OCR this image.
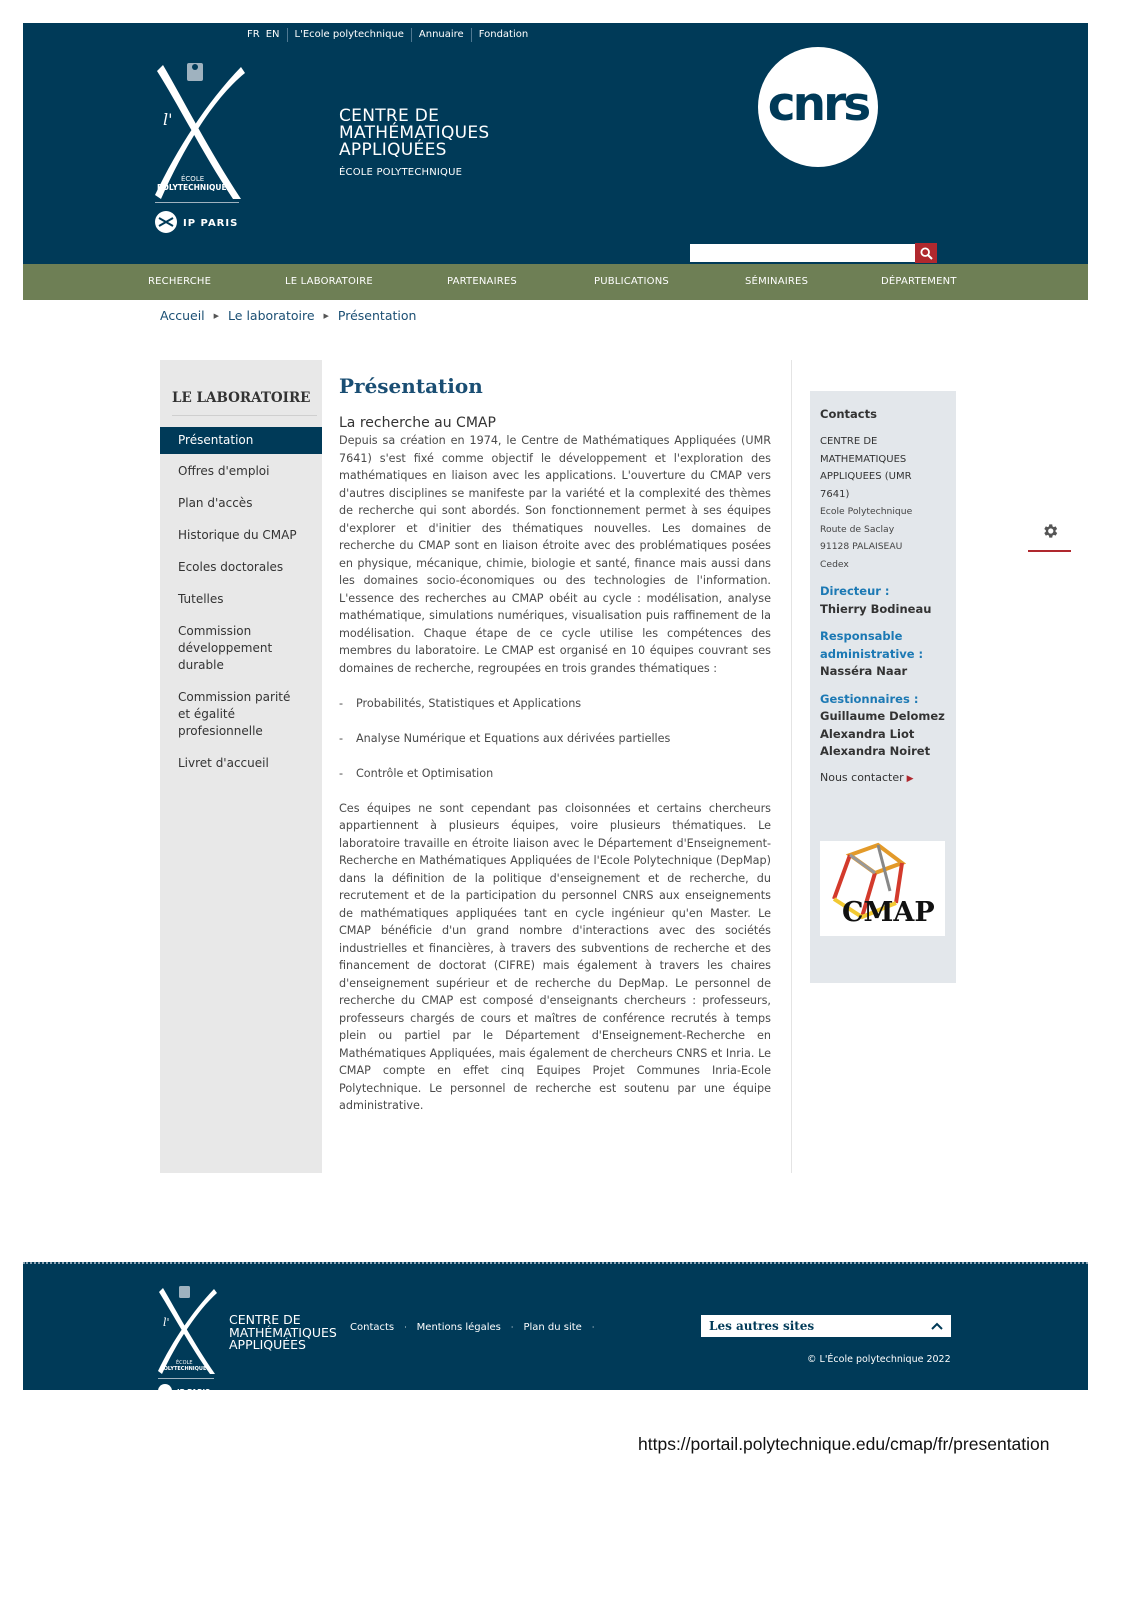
FR EN	L'Ecole polytechnique	Annuaire	Fondation
l'
ÉCOLE
POLYTECHNIQUE
IP PARIS
CENTRE DE
MATHÉMATIQUES
APPLIQUÉES
ÉCOLE POLYTECHNIQUE
cnrs
RECHERCHE	LE LABORATOIRE	PARTENAIRES	PUBLICATIONS	SÉMINAIRES	DÉPARTEMENT
Accueil ▶ Le laboratoire ▶ Présentation
LE LABORATOIRE
Présentation
Offres d'emploi
Plan d'accès
Historique du CMAP
Ecoles doctorales
Tutelles
Commission développement durable
Commission parité et égalité profesionnelle
Livret d'accueil
Présentation
La recherche au CMAP

Depuis sa création en 1974, le Centre de Mathématiques Appliquées (UMR 7641) s'est fixé comme objectif le développement et l'exploration des mathématiques en liaison avec les applications. L'ouverture du CMAP vers d'autres disciplines se manifeste par la variété et la complexité des thèmes de recherche qui sont abordés. Son fonctionnement permet à ses équipes d'explorer et d'initier des thématiques nouvelles. Les domaines de recherche du CMAP sont en liaison étroite avec des problématiques posées en physique, mécanique, chimie, biologie et santé, finance mais aussi dans les domaines socio-économiques ou des technologies de l'information. L'essence des recherches au CMAP obéit au cycle : modélisation, analyse mathématique, simulations numériques, visualisation puis raffinement de la modélisation. Chaque étape de ce cycle utilise les compétences des membres du laboratoire. Le CMAP est organisé en 10 équipes couvrant ses domaines de recherche, regroupées en trois grandes thématiques :

-	Probabilités, Statistiques et Applications
-	Analyse Numérique et Equations aux dérivées partielles
-	Contrôle et Optimisation

Ces équipes ne sont cependant pas cloisonnées et certains chercheurs appartiennent à plusieurs équipes, voire plusieurs thématiques. Le laboratoire travaille en étroite liaison avec le Département d'Enseignement-Recherche en Mathématiques Appliquées de l'Ecole Polytechnique (DepMap) dans la définition de la politique d'enseignement et de recherche, du recrutement et de la participation du personnel CNRS aux enseignements de mathématiques appliquées tant en cycle ingénieur qu'en Master. Le CMAP bénéficie d'un grand nombre d'interactions avec des sociétés industrielles et financières, à travers des subventions de recherche et des financement de doctorat (CIFRE) mais également à travers les chaires d'enseignement supérieur et de recherche du DepMap. Le personnel de recherche du CMAP est composé d'enseignants chercheurs : professeurs, professeurs chargés de cours et maîtres de conférence recrutés à temps plein ou partiel par le Département d'Enseignement-Recherche en Mathématiques Appliquées, mais également de chercheurs CNRS et Inria. Le CMAP compte en effet cinq Equipes Projet Communes Inria-Ecole Polytechnique. Le personnel de recherche est soutenu par une équipe administrative.

Contacts
CENTRE DE
MATHEMATIQUES
APPLIQUEES (UMR
7641)
Ecole Polytechnique
Route de Saclay
91128 PALAISEAU
Cedex
Directeur :
Thierry Bodineau
Responsable
administrative :
Nasséra Naar
Gestionnaires :
Guillaume Delomez
Alexandra Liot
Alexandra Noiret
Nous contacter ▶
CMAP
l'
ÉCOLE
POLYTECHNIQUE
IP PARIS
CENTRE DE
MATHÉMATIQUES
APPLIQUÉES
Contacts · Mentions légales · Plan du site ·	Les autres sites
© L'École polytechnique 2022
https://portail.polytechnique.edu/cmap/fr/presentation
